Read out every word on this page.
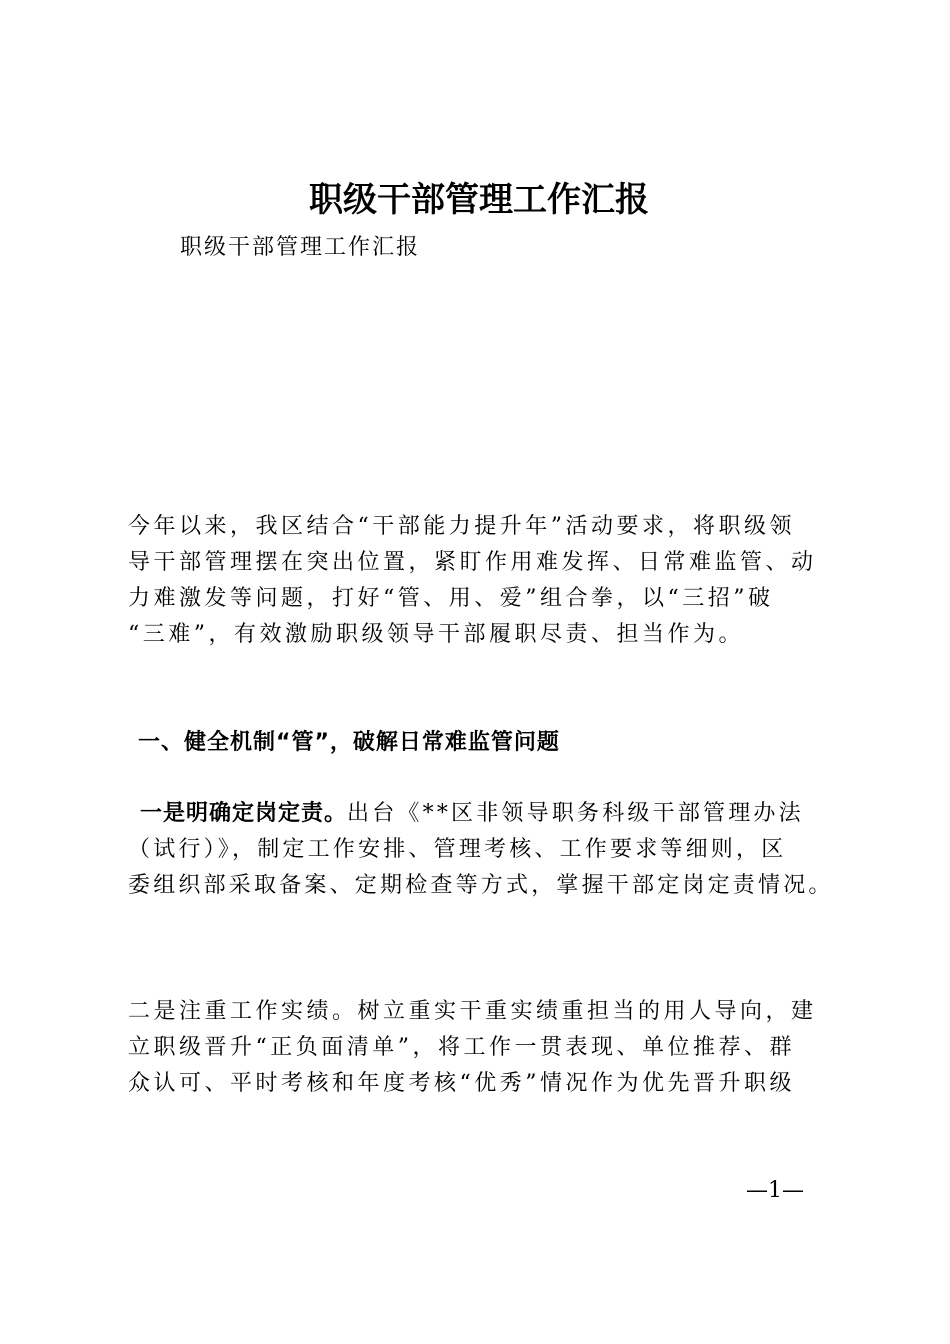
职级干部管理工作汇报
职级干部管理工作汇报
今年以来，我区结合“干部能力提升年”活动要求，将职级领
导干部管理摆在突出位置，紧盯作用难发挥、日常难监管、动
力难激发等问题，打好“管、用、爱”组合拳，以“三招”破
“三难”，有效激励职级领导干部履职尽责、担当作为。
一、健全机制“管”，破解日常难监管问题
一是明确定岗定责。出台《**区非领导职务科级干部管理办法
（试行）》，制定工作安排、管理考核、工作要求等细则，区
委组织部采取备案、定期检查等方式，掌握干部定岗定责情况。
二是注重工作实绩。树立重实干重实绩重担当的用人导向，建
立职级晋升“正负面清单”，将工作一贯表现、单位推荐、群
众认可、平时考核和年度考核“优秀”情况作为优先晋升职级
—1—
